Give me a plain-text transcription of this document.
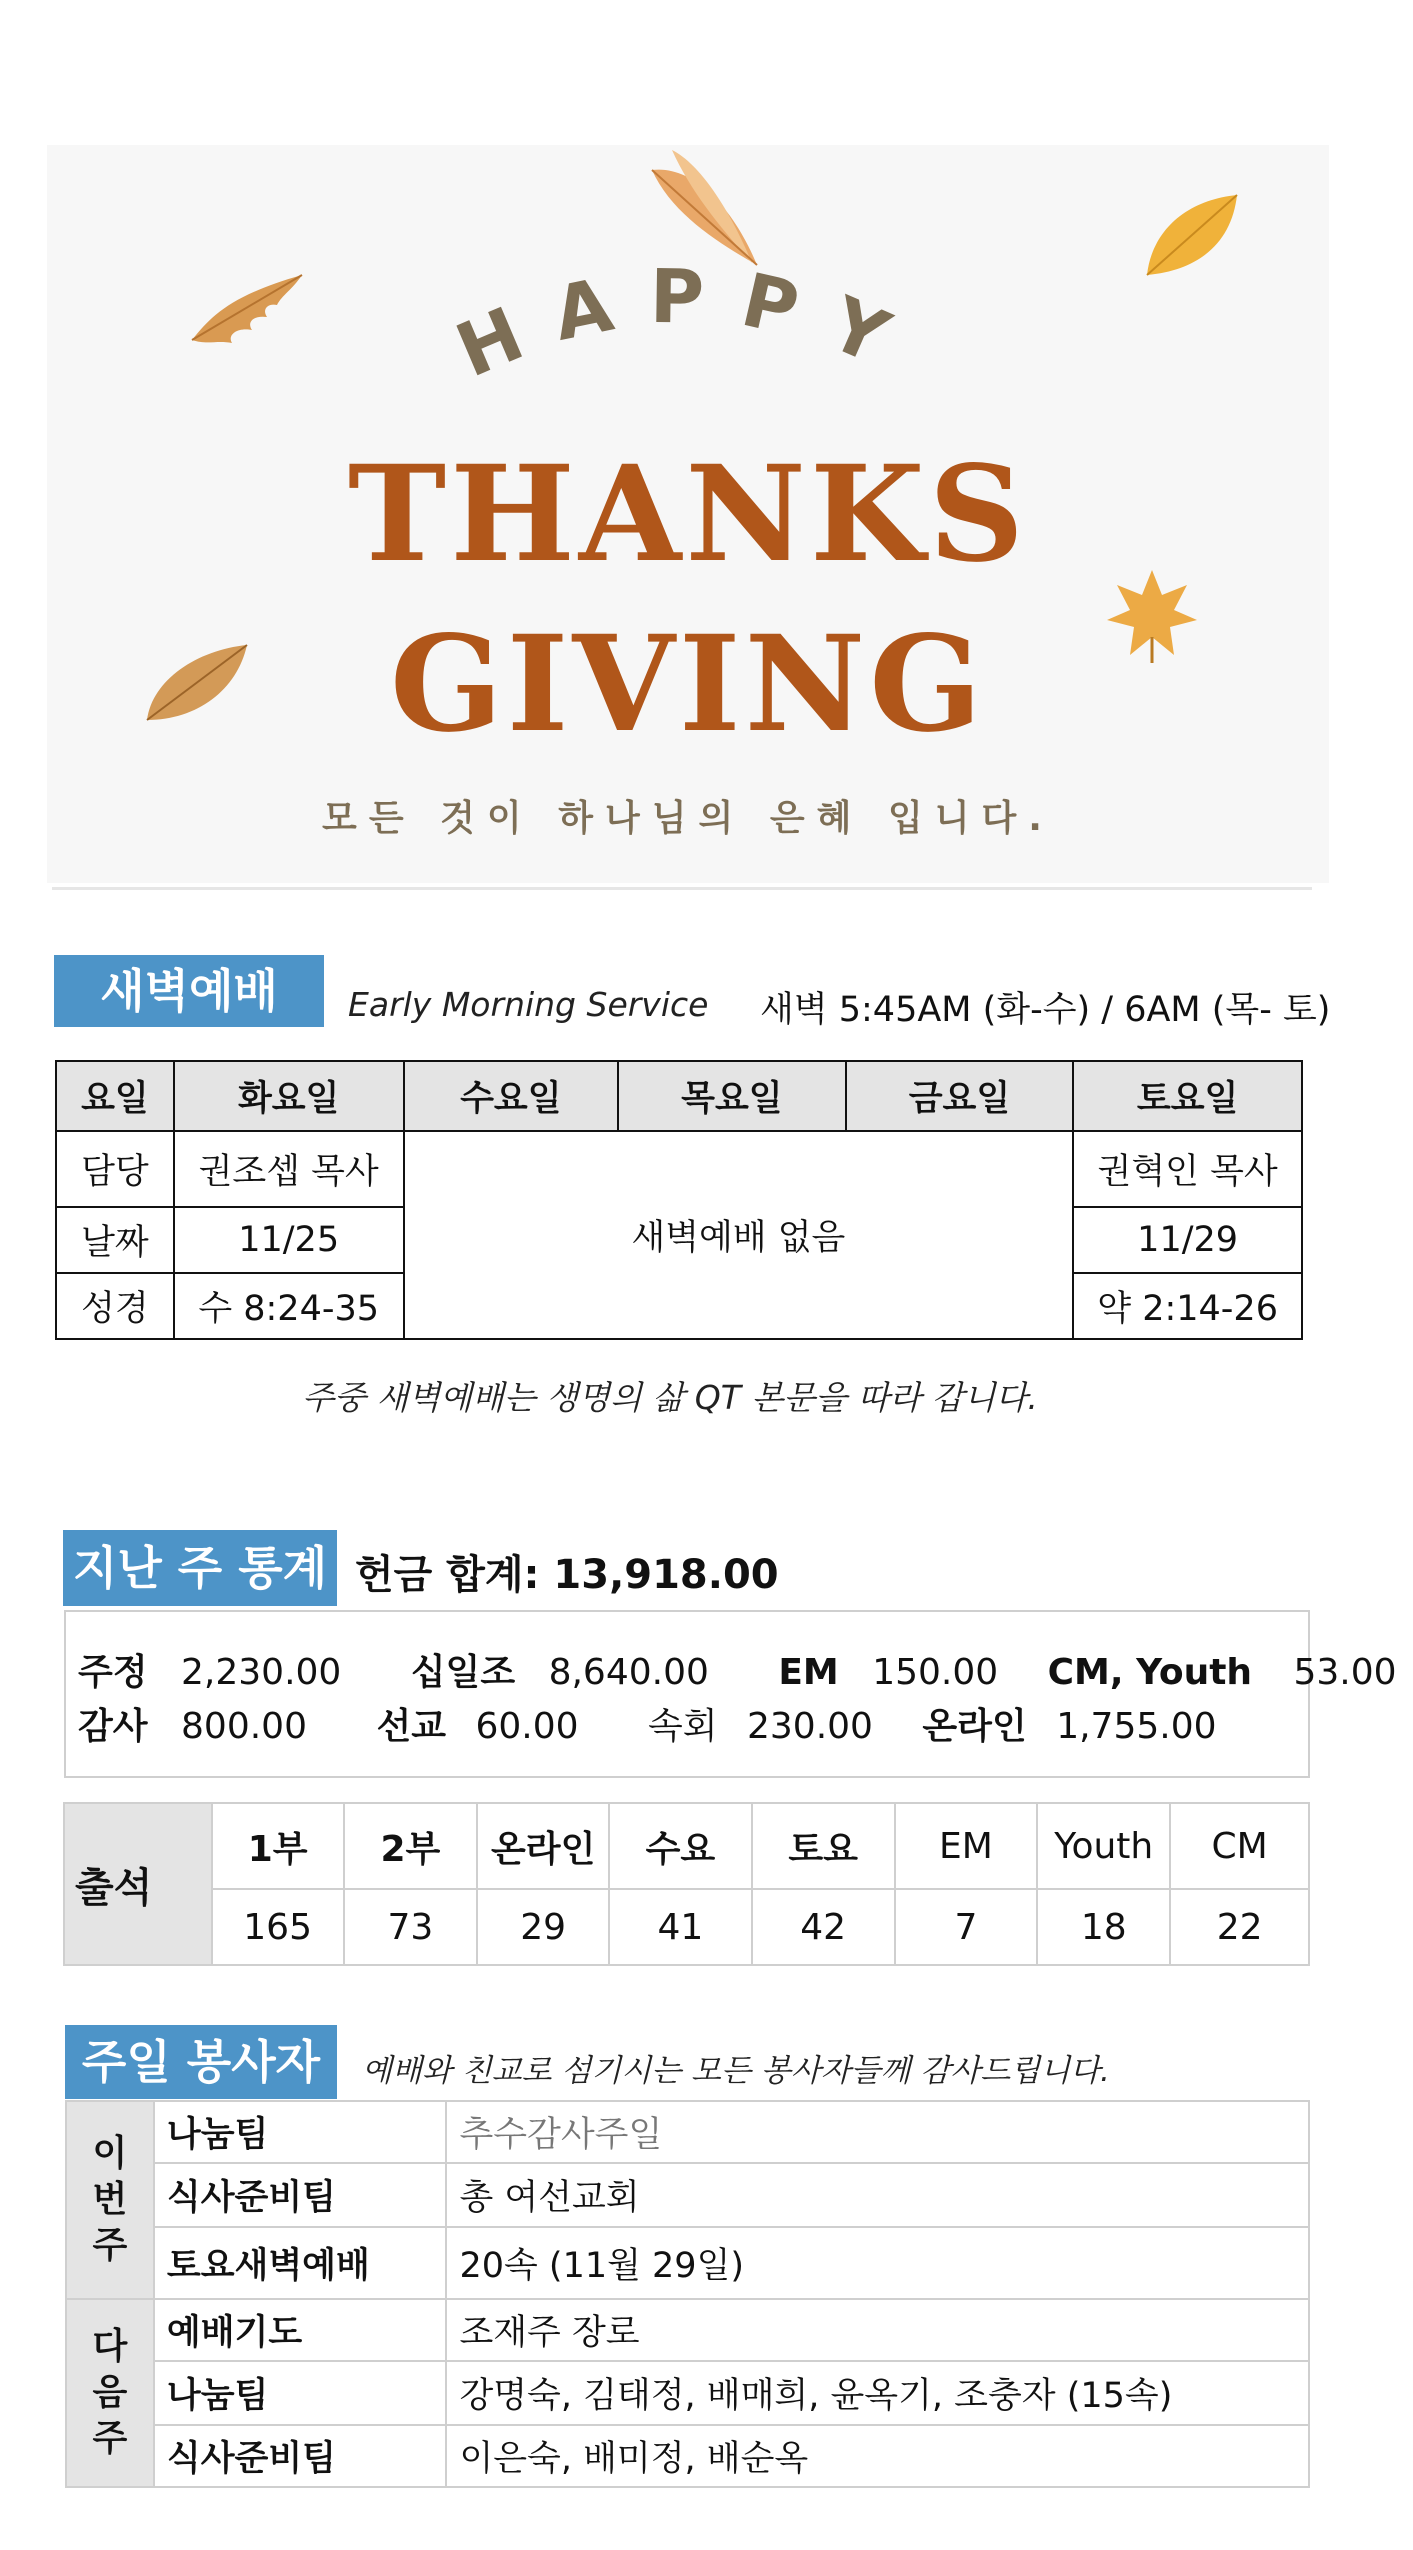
HAPPY
THANKS
GIVING
모든 것이 하나님의 은혜 입니다.
새벽예배	Early Morning Service 새벽 5:45AM (화-수) / 6AM (목- 토)
요일	화요일	수요일	목요일	금요일	토요일
담당	권조셉 목사	새벽예배 없음			권혁인 목사
날짜	11/25				11/29
성경	수 8:24-35				약 2:14-26
주중 새벽예배는 생명의 삶 QT 본문을 따라 갑니다.
지난 주 통계 헌금 합계: 13,918.00
주정 2,230.00 십일조 8,640.00 EM 150.00 CM, Youth 53.00
감사 800.00 선교 60.00 속회 230.00 온라인 1,755.00
출석	1부	2부	온라인	수요	토요	EM	Youth	CM
	165	73	29	41	42	7	18	22
주일 봉사자	예배와 친교로 섬기시는 모든 봉사자들께 감사드립니다.
이
번
주	나눔팀	추수감사주일
	식사준비팀	총 여선교회
	토요새벽예배	20속 (11월 29일)

다
음
주	예배기도	조재주 장로
	나눔팀	강명숙, 김태정, 배매희, 윤옥기, 조충자 (15속)
	식사준비팀	이은숙, 배미정, 배순옥
